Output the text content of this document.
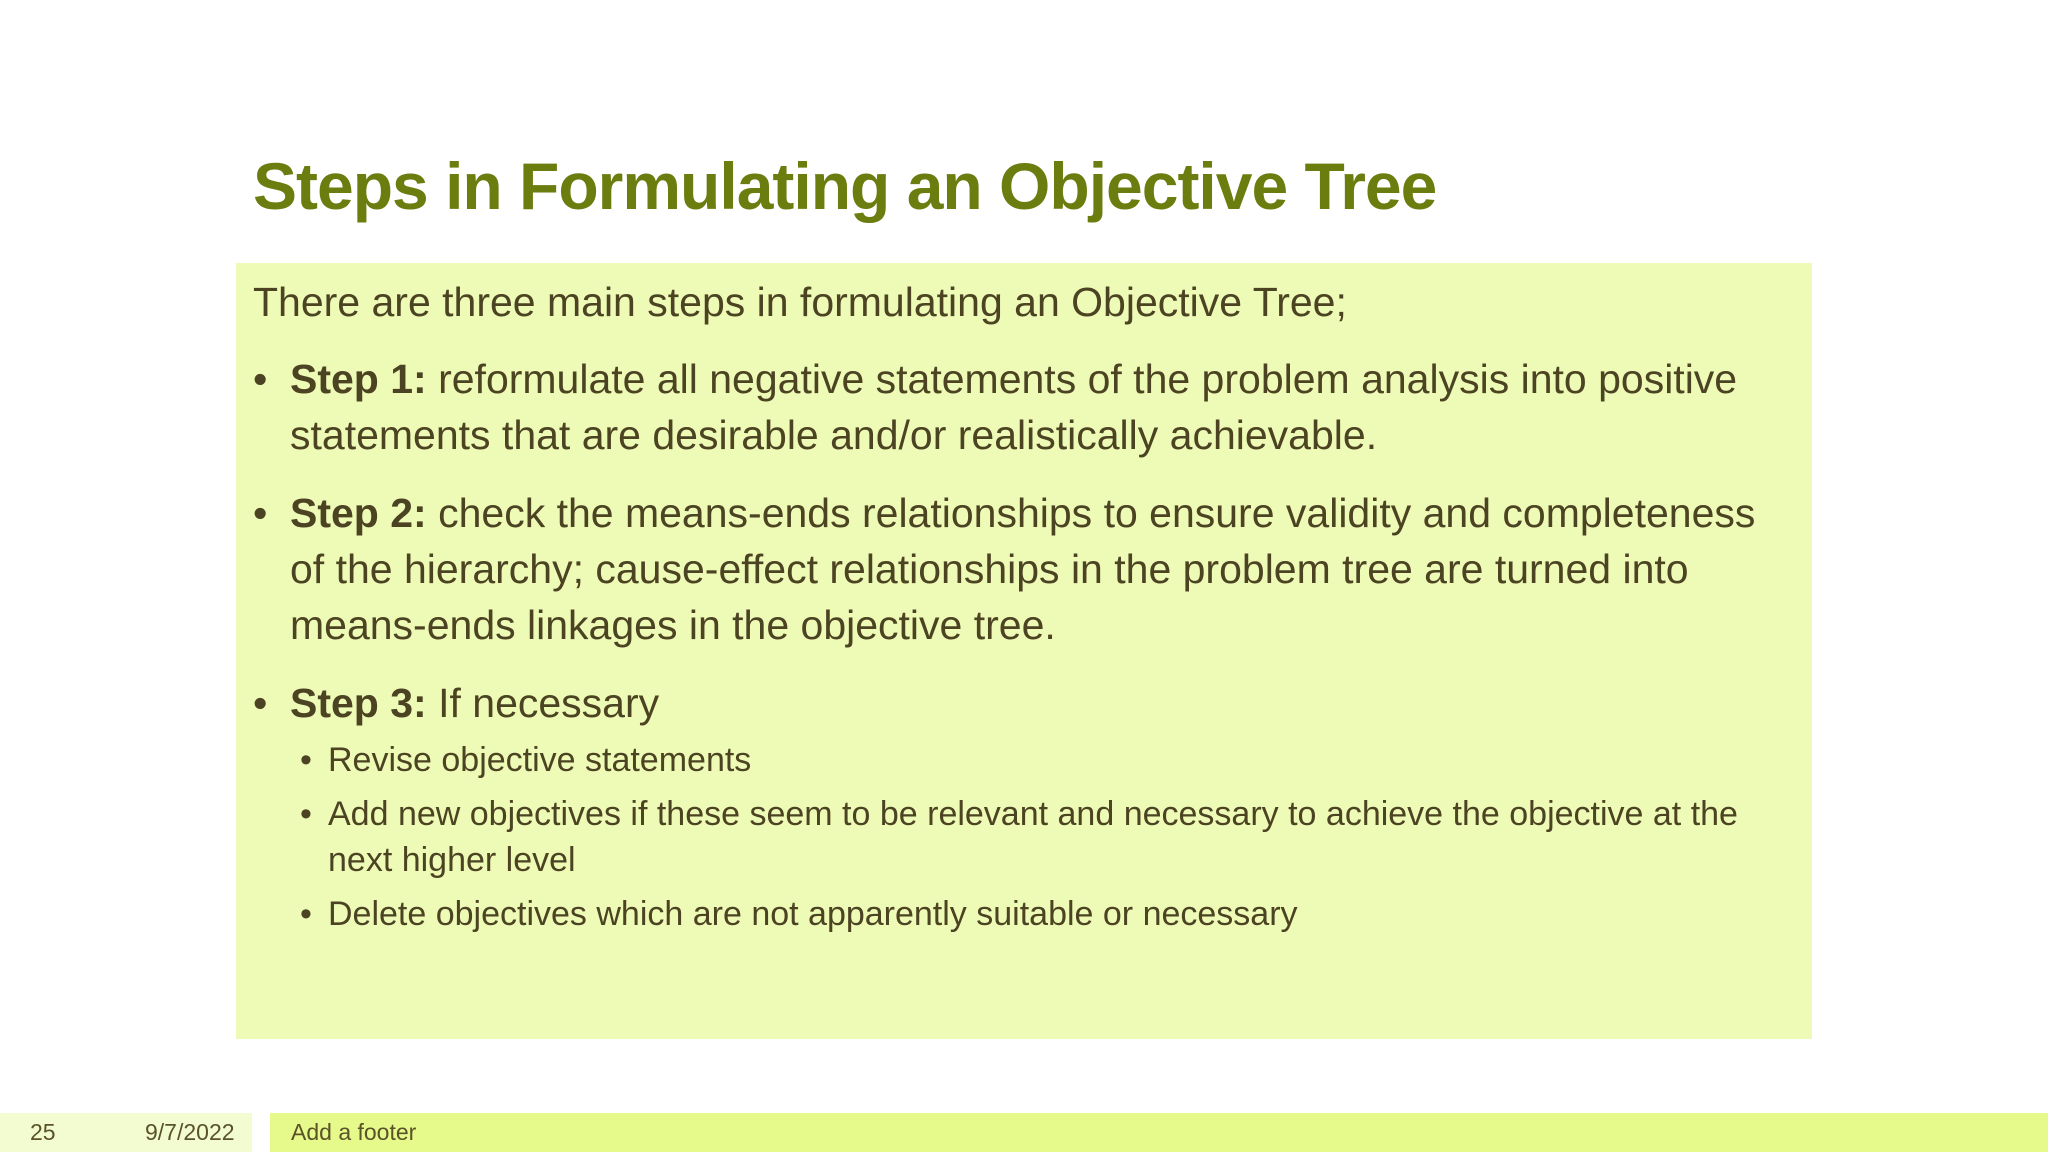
Steps in Formulating an Objective Tree

There are three main steps in formulating an Objective Tree;

• Step 1: reformulate all negative statements of the problem analysis into positive statements that are desirable and/or realistically achievable.
• Step 2: check the means-ends relationships to ensure validity and completeness of the hierarchy; cause-effect relationships in the problem tree are turned into means-ends linkages in the objective tree.
• Step 3: If necessary
• Revise objective statements
• Add new objectives if these seem to be relevant and necessary to achieve the objective at the next higher level
• Delete objectives which are not apparently suitable or necessary
25	9/7/2022 Add a footer
